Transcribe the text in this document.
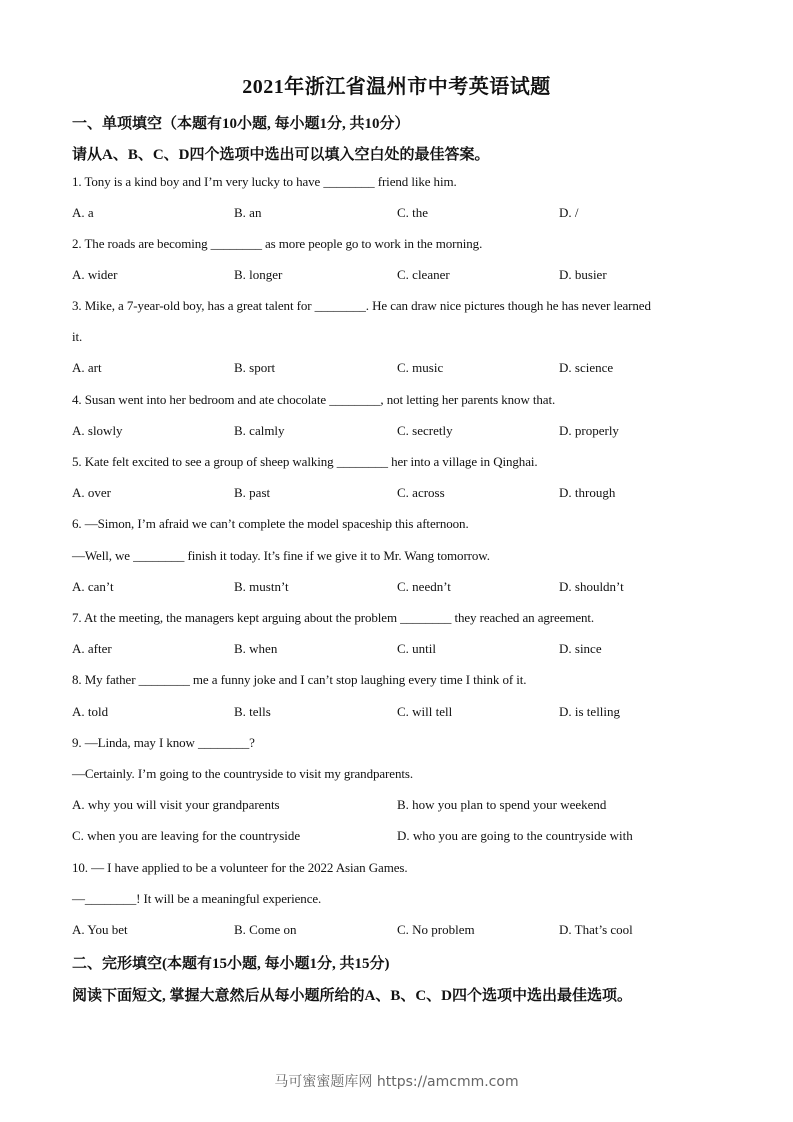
2021年浙江省温州市中考英语试题
一、单项填空（本题有10小题, 每小题1分, 共10分）
请从A、B、C、D四个选项中选出可以填入空白处的最佳答案。
1. Tony is a kind boy and I’m very lucky to have ________ friend like him.
A. a	B. an	C. the	D. /
2. The roads are becoming ________ as more people go to work in the morning.
A. wider	B. longer	C. cleaner	D. busier
3. Mike, a 7-year-old boy, has a great talent for ________. He can draw nice pictures though he has never learned
it.
A. art	B. sport	C. music	D. science
4. Susan went into her bedroom and ate chocolate ________, not letting her parents know that.
A. slowly	B. calmly	C. secretly	D. properly
5. Kate felt excited to see a group of sheep walking ________ her into a village in Qinghai.
A. over	B. past	C. across	D. through
6. —Simon, I’m afraid we can’t complete the model spaceship this afternoon.
—Well, we ________ finish it today. It’s fine if we give it to Mr. Wang tomorrow.
A. can’t	B. mustn’t	C. needn’t	D. shouldn’t
7. At the meeting, the managers kept arguing about the problem ________ they reached an agreement.
A. after	B. when	C. until	D. since
8. My father ________ me a funny joke and I can’t stop laughing every time I think of it.
A. told	B. tells	C. will tell	D. is telling
9. —Linda, may I know ________?
—Certainly. I’m going to the countryside to visit my grandparents.
A. why you will visit your grandparents	B. how you plan to spend your weekend
C. when you are leaving for the countryside	D. who you are going to the countryside with
10. — I have applied to be a volunteer for the 2022 Asian Games.
—________! It will be a meaningful experience.
A. You bet	B. Come on	C. No problem	D. That’s cool
二、完形填空(本题有15小题, 每小题1分, 共15分)
阅读下面短文, 掌握大意然后从每小题所给的A、B、C、D四个选项中选出最佳选项。
马可蜜蜜题库网 https://amcmm.com
